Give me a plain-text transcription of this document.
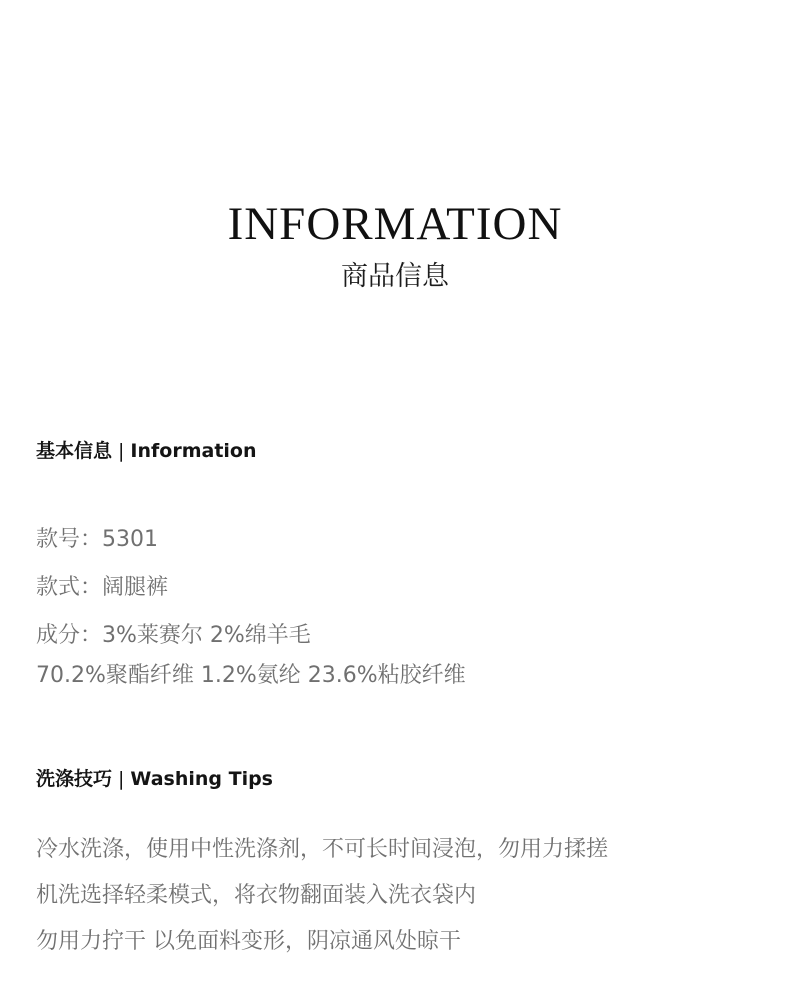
INFORMATION
商品信息
基本信息 | Information
款号：5301
款式：阔腿裤
成分：3%莱赛尔 2%绵羊毛
70.2%聚酯纤维 1.2%氨纶 23.6%粘胶纤维
洗涤技巧 | Washing Tips
冷水洗涤，使用中性洗涤剂，不可长时间浸泡，勿用力揉搓
机洗选择轻柔模式，将衣物翻面装入洗衣袋内
勿用力拧干 以免面料变形，阴凉通风处晾干
